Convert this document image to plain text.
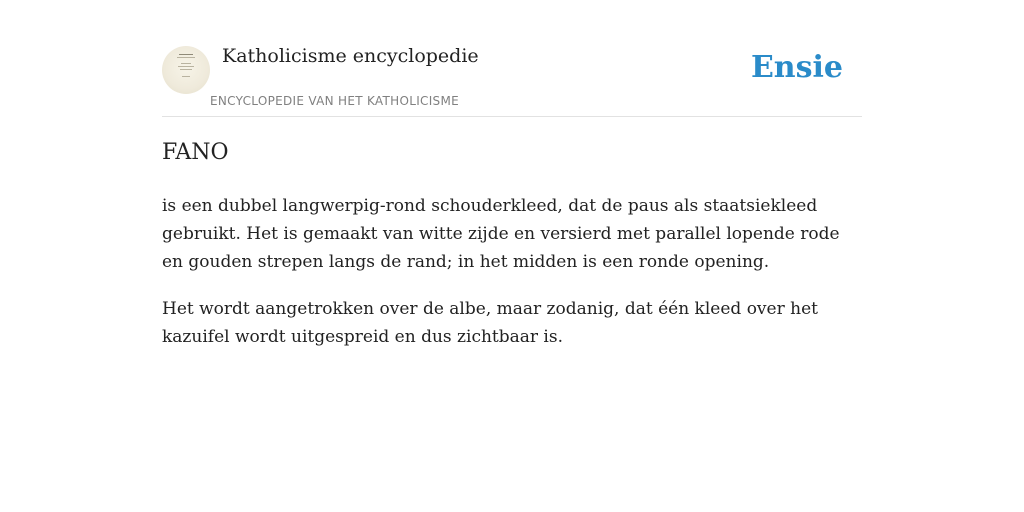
Katholicisme encyclopedie
ENCYCLOPEDIE VAN HET KATHOLICISME
Ensie
FANO

is een dubbel langwerpig-rond schouderkleed, dat de paus als staatsiekleed gebruikt. Het is gemaakt van witte zijde en versierd met parallel lopende rode en gouden strepen langs de rand; in het midden is een ronde opening.

Het wordt aangetrokken over de albe, maar zodanig, dat één kleed over het kazuifel wordt uitgespreid en dus zichtbaar is.
